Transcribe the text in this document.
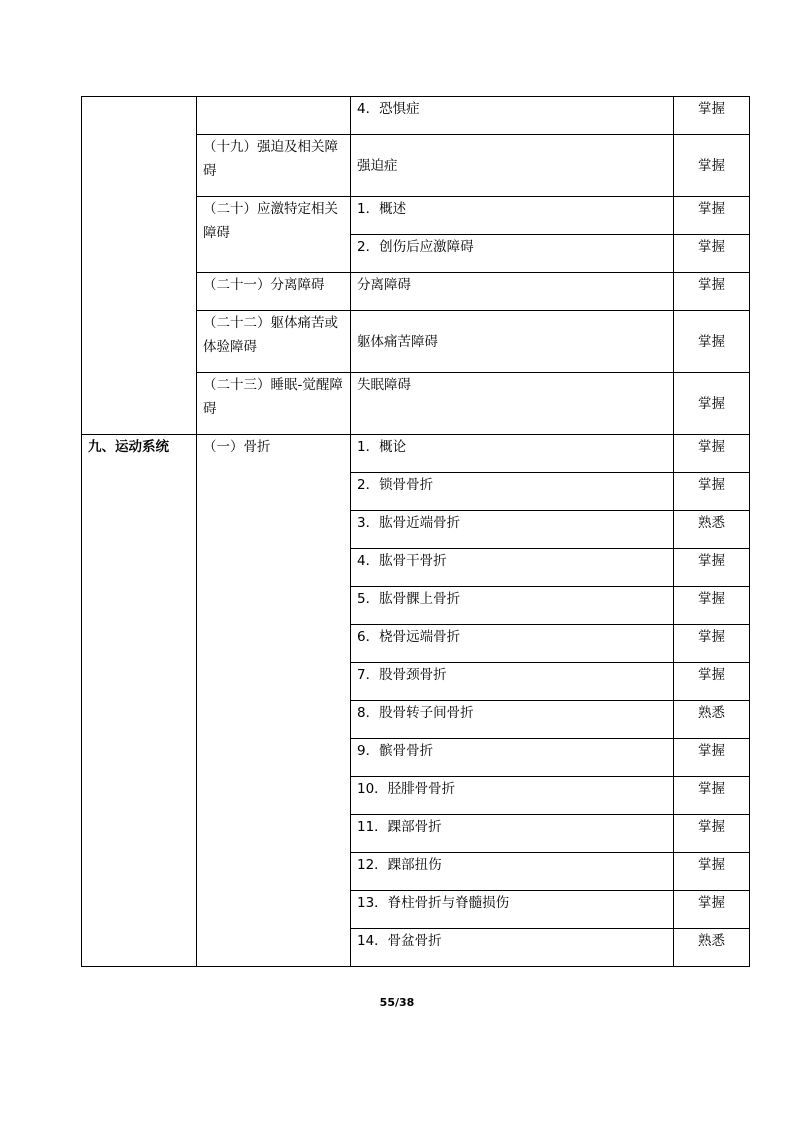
		4．恐惧症	掌握
	（十九）强迫及相关障碍	强迫症	掌握
	（二十）应激特定相关障碍	1．概述	掌握
		2．创伤后应激障碍	掌握
	（二十一）分离障碍	分离障碍	掌握
	（二十二）躯体痛苦或体验障碍	躯体痛苦障碍	掌握
	（二十三）睡眠-觉醒障碍	失眠障碍	掌握
九、运动系统	（一）骨折	1．概论	掌握
		2．锁骨骨折	掌握
		3．肱骨近端骨折	熟悉
		4．肱骨干骨折	掌握
		5．肱骨髁上骨折	掌握
		6．桡骨远端骨折	掌握
		7．股骨颈骨折	掌握
		8．股骨转子间骨折	熟悉
		9．髌骨骨折	掌握
		10．胫腓骨骨折	掌握
		11．踝部骨折	掌握
		12．踝部扭伤	掌握
		13．脊柱骨折与脊髓损伤	掌握
		14．骨盆骨折	熟悉
55/38
